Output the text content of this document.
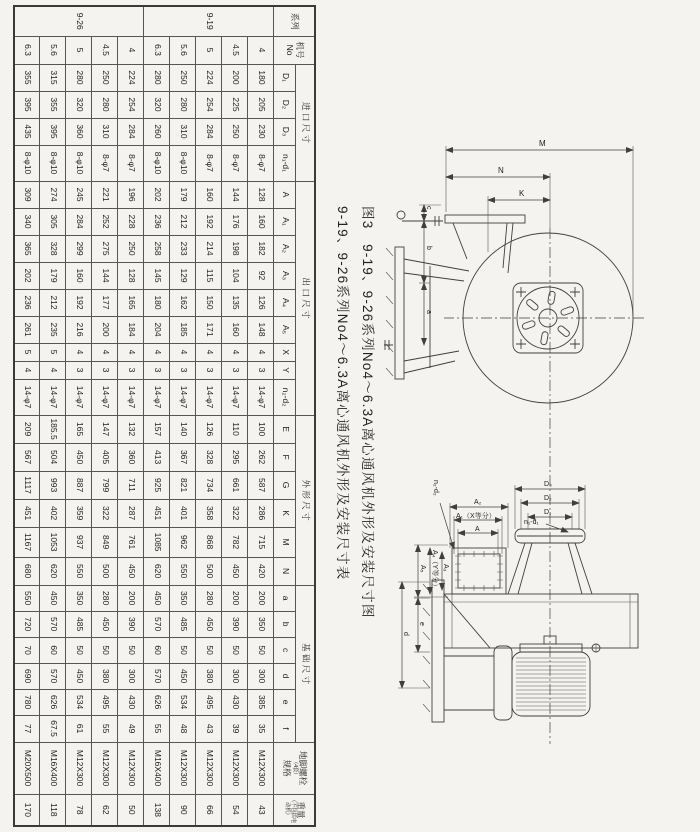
M
N
K
c
b
a
A₂
A₁（X等分）
A
A₃
A₄（Y等分）
A₅
n₂-d₂
D₁
D₂
D₃
n₁-d₁
e
d
图3　9-19、9-26系列No4～6.3A离心通风机外形及安装尺寸图
9-19、9-26系列No4～6.3A离心通风机外形及安装尺寸表
系列

机号
No

进 口 尺 寸

出 口 尺 寸

外 形 尺 寸

基 础 尺 寸

地脚螺栓
（4套）
规格

重量
（不包括电动机）

		D₁	D₂	D₃	n₁-d₁	A	A₁	A₂	A₃	A₄	A₅	X	Y	n₂-d₂	E	F	G	K	M	N	a	b	c	d	e	f		
9-19	4	180	205	230	8-φ7	128	160	182	92	126	148	4	3	14-φ7	100	262	587	286	715	420	200	350	50	300	385	35	M12X300	43
	4.5	200	225	250	8-φ7	144	176	198	104	135	160	4	3	14-φ7	110	295	661	322	782	450	200	390	50	300	430	39	M12X300	54
	5	224	254	284	8-φ7	160	192	214	115	150	171	4	3	14-φ7	126	328	734	358	868	500	280	450	50	380	495	43	M12X300	66
	5.6	250	280	310	8-φ10	179	212	233	129	162	185	4	3	14-φ7	140	367	821	401	962	550	350	485	50	450	534	48	M12X300	90
	6.3	280	320	260	8-φ10	202	236	258	145	180	204	4	3	14-φ7	157	413	925	451	1085	620	450	570	60	570	626	55	M16X400	138
9-26	4	224	254	284	8-φ7	196	228	250	128	165	184	4	3	14-φ7	132	360	711	287	761	450	200	390	50	300	430	49	M12X300	50
	4.5	250	280	310	8-φ7	221	252	275	144	177	200	4	3	14-φ7	147	405	799	322	849	500	280	450	50	380	495	55	M12X300	62
	5	280	320	360	8-φ10	245	284	299	160	192	216	4	3	14-φ7	165	450	887	359	937	550	350	485	50	450	534	61	M12X300	78
	5.6	315	355	395	8-φ10	274	305	328	179	212	235	5	4	14-φ7	185.5	504	993	402	1053	620	450	570	60	570	626	67.5	M16X400	118
	6.3	355	395	435	8-φ10	309	340	365	202	236	261	5	4	14-φ7	209	567	1117	451	1167	680	550	720	70	690	780	77	M20X500	170
